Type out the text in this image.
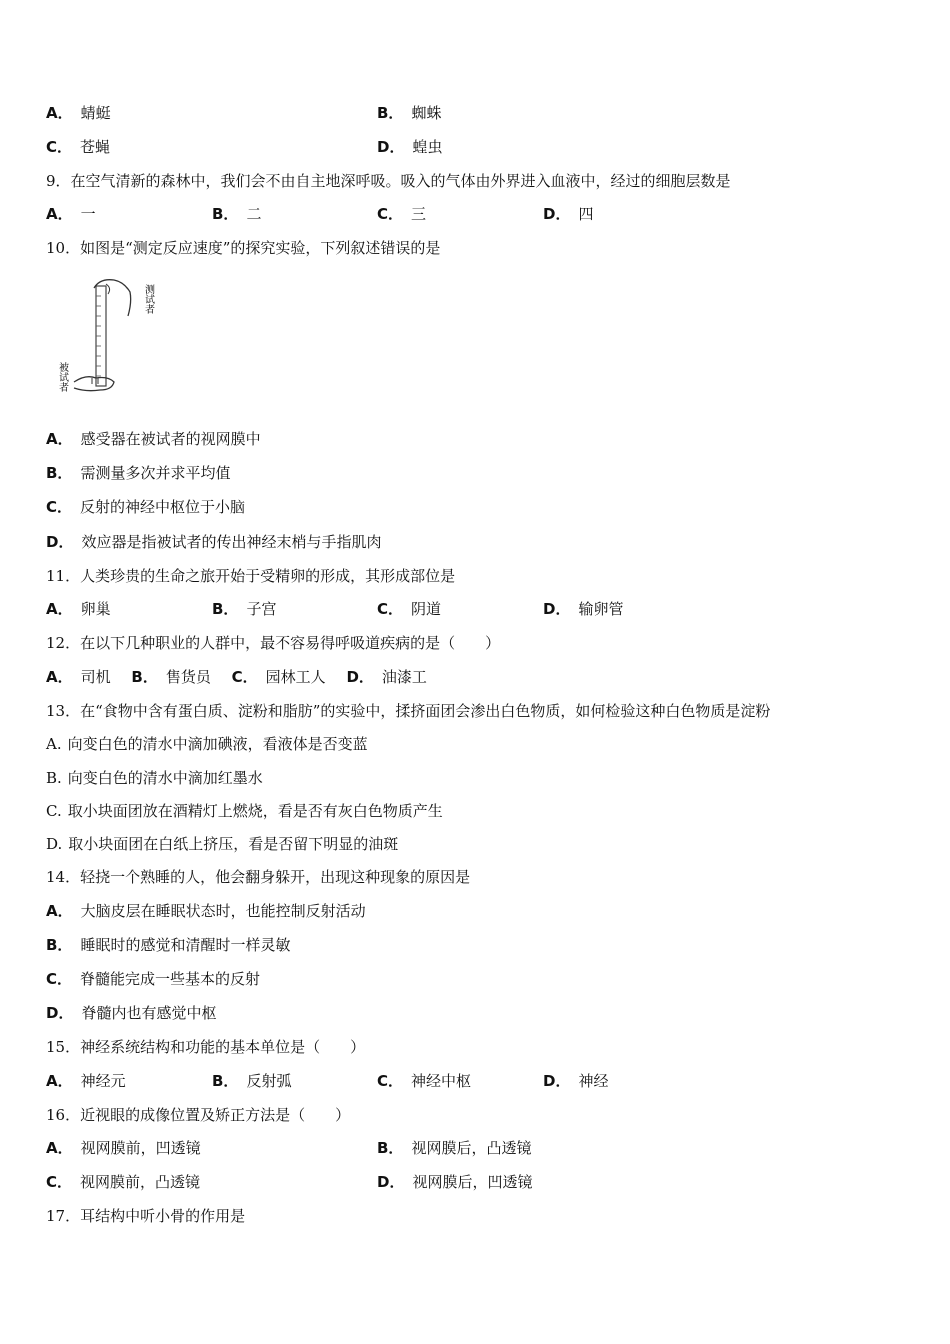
A． 蜻蜓	B． 蜘蛛
C． 苍蝇	D． 蝗虫
9．在空气清新的森林中，我们会不由自主地深呼吸。吸入的气体由外界进入血液中，经过的细胞层数是
A． 一	B． 二	C． 三	D． 四
10．如图是“测定反应速度”的探究实验，下列叙述错误的是
测试者
被试者
A． 感受器在被试者的视网膜中
B． 需测量多次并求平均值
C． 反射的神经中枢位于小脑
D． 效应器是指被试者的传出神经末梢与手指肌肉
11．人类珍贵的生命之旅开始于受精卵的形成，其形成部位是
A． 卵巢	B． 子宫	C． 阴道	D． 输卵管
12．在以下几种职业的人群中，最不容易得呼吸道疾病的是（　　）
A． 司机 B． 售货员 C． 园林工人 D． 油漆工
13．在“食物中含有蛋白质、淀粉和脂肪”的实验中，揉挤面团会渗出白色物质，如何检验这种白色物质是淀粉
A. 向变白色的清水中滴加碘液，看液体是否变蓝
B. 向变白色的清水中滴加红墨水
C. 取小块面团放在酒精灯上燃烧，看是否有灰白色物质产生
D. 取小块面团在白纸上挤压，看是否留下明显的油斑
14．轻挠一个熟睡的人，他会翻身躲开，出现这种现象的原因是
A． 大脑皮层在睡眠状态时，也能控制反射活动
B． 睡眠时的感觉和清醒时一样灵敏
C． 脊髓能完成一些基本的反射
D． 脊髓内也有感觉中枢
15．神经系统结构和功能的基本单位是（　　）
A． 神经元	B． 反射弧	C． 神经中枢	D． 神经
16．近视眼的成像位置及矫正方法是（　　）
A． 视网膜前，凹透镜	B． 视网膜后，凸透镜
C． 视网膜前，凸透镜	D． 视网膜后，凹透镜
17．耳结构中听小骨的作用是
